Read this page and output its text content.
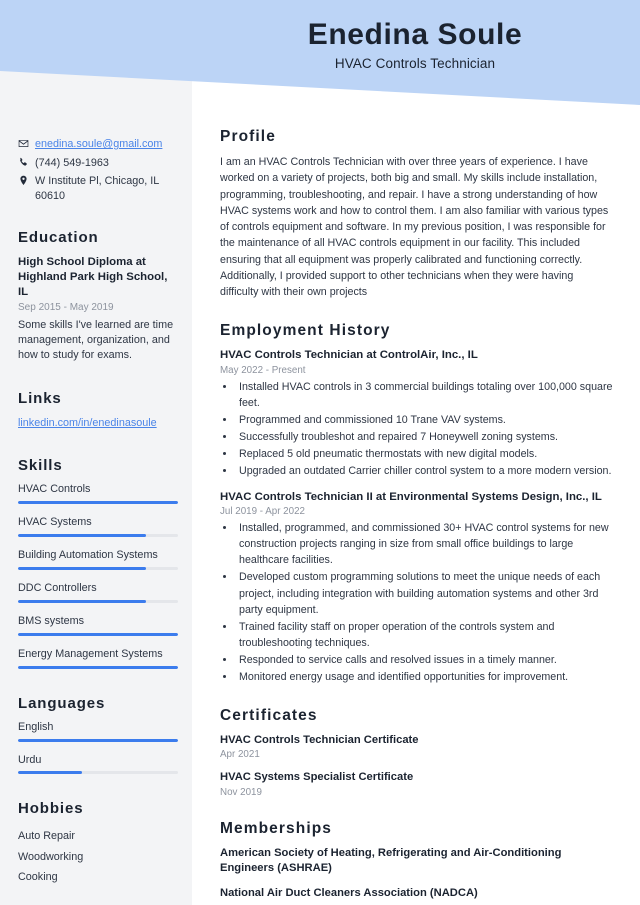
Enedina Soule
HVAC Controls Technician
enedina.soule@gmail.com
(744) 549-1963
W Institute Pl, Chicago, IL 60610
Education
High School Diploma at Highland Park High School, IL
Sep 2015 - May 2019
Some skills I've learned are time management, organization, and how to study for exams.
Links
linkedin.com/in/enedinasoule
Skills
HVAC Controls
HVAC Systems
Building Automation Systems
DDC Controllers
BMS systems
Energy Management Systems
Languages
English
Urdu
Hobbies
Auto Repair
Woodworking
Cooking
Profile
I am an HVAC Controls Technician with over three years of experience. I have worked on a variety of projects, both big and small. My skills include installation, programming, troubleshooting, and repair. I have a strong understanding of how HVAC systems work and how to control them. I am also familiar with various types of controls equipment and software. In my previous position, I was responsible for the maintenance of all HVAC controls equipment in our facility. This included ensuring that all equipment was properly calibrated and functioning correctly. Additionally, I provided support to other technicians when they were having difficulty with their own projects
Employment History
HVAC Controls Technician at ControlAir, Inc., IL
May 2022 - Present
• Installed HVAC controls in 3 commercial buildings totaling over 100,000 square feet.
• Programmed and commissioned 10 Trane VAV systems.
• Successfully troubleshot and repaired 7 Honeywell zoning systems.
• Replaced 5 old pneumatic thermostats with new digital models.
• Upgraded an outdated Carrier chiller control system to a more modern version.
HVAC Controls Technician II at Environmental Systems Design, Inc., IL
Jul 2019 - Apr 2022
• Installed, programmed, and commissioned 30+ HVAC control systems for new construction projects ranging in size from small office buildings to large healthcare facilities.
• Developed custom programming solutions to meet the unique needs of each project, including integration with building automation systems and other 3rd party equipment.
• Trained facility staff on proper operation of the controls system and troubleshooting techniques.
• Responded to service calls and resolved issues in a timely manner.
• Monitored energy usage and identified opportunities for improvement.
Certificates
HVAC Controls Technician Certificate
Apr 2021
HVAC Systems Specialist Certificate
Nov 2019
Memberships
American Society of Heating, Refrigerating and Air-Conditioning Engineers (ASHRAE)
National Air Duct Cleaners Association (NADCA)
